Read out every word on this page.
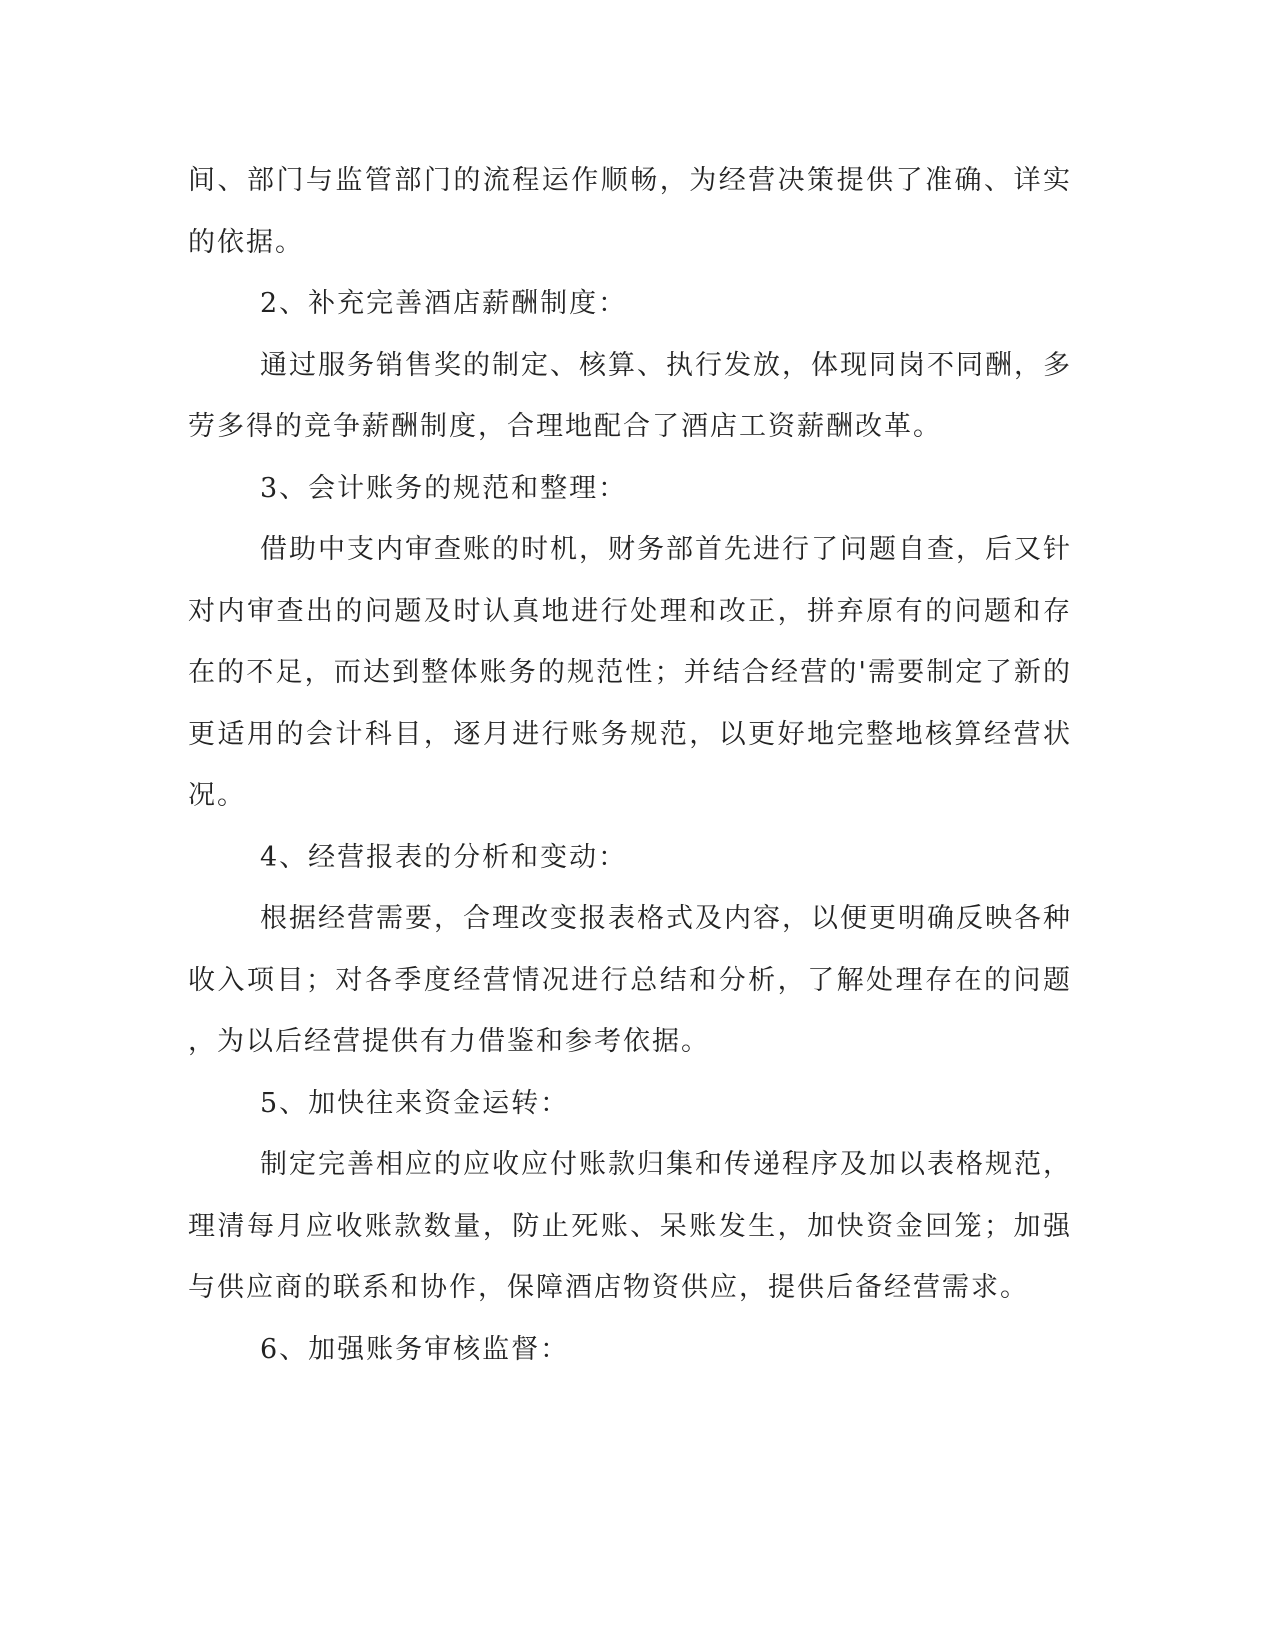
间、部门与监管部门的流程运作顺畅，为经营决策提供了准确、详实
的依据。
2、补充完善酒店薪酬制度：
通过服务销售奖的制定、核算、执行发放，体现同岗不同酬，多
劳多得的竞争薪酬制度，合理地配合了酒店工资薪酬改革。
3、会计账务的规范和整理：
借助中支内审查账的时机，财务部首先进行了问题自查，后又针
对内审查出的问题及时认真地进行处理和改正，拼弃原有的问题和存
在的不足，而达到整体账务的规范性；并结合经营的'需要制定了新的
更适用的会计科目，逐月进行账务规范，以更好地完整地核算经营状
况。
4、经营报表的分析和变动：
根据经营需要，合理改变报表格式及内容，以便更明确反映各种
收入项目；对各季度经营情况进行总结和分析，了解处理存在的问题
，为以后经营提供有力借鉴和参考依据。
5、加快往来资金运转：
制定完善相应的应收应付账款归集和传递程序及加以表格规范，
理清每月应收账款数量，防止死账、呆账发生，加快资金回笼；加强
与供应商的联系和协作，保障酒店物资供应，提供后备经营需求。
6、加强账务审核监督：
